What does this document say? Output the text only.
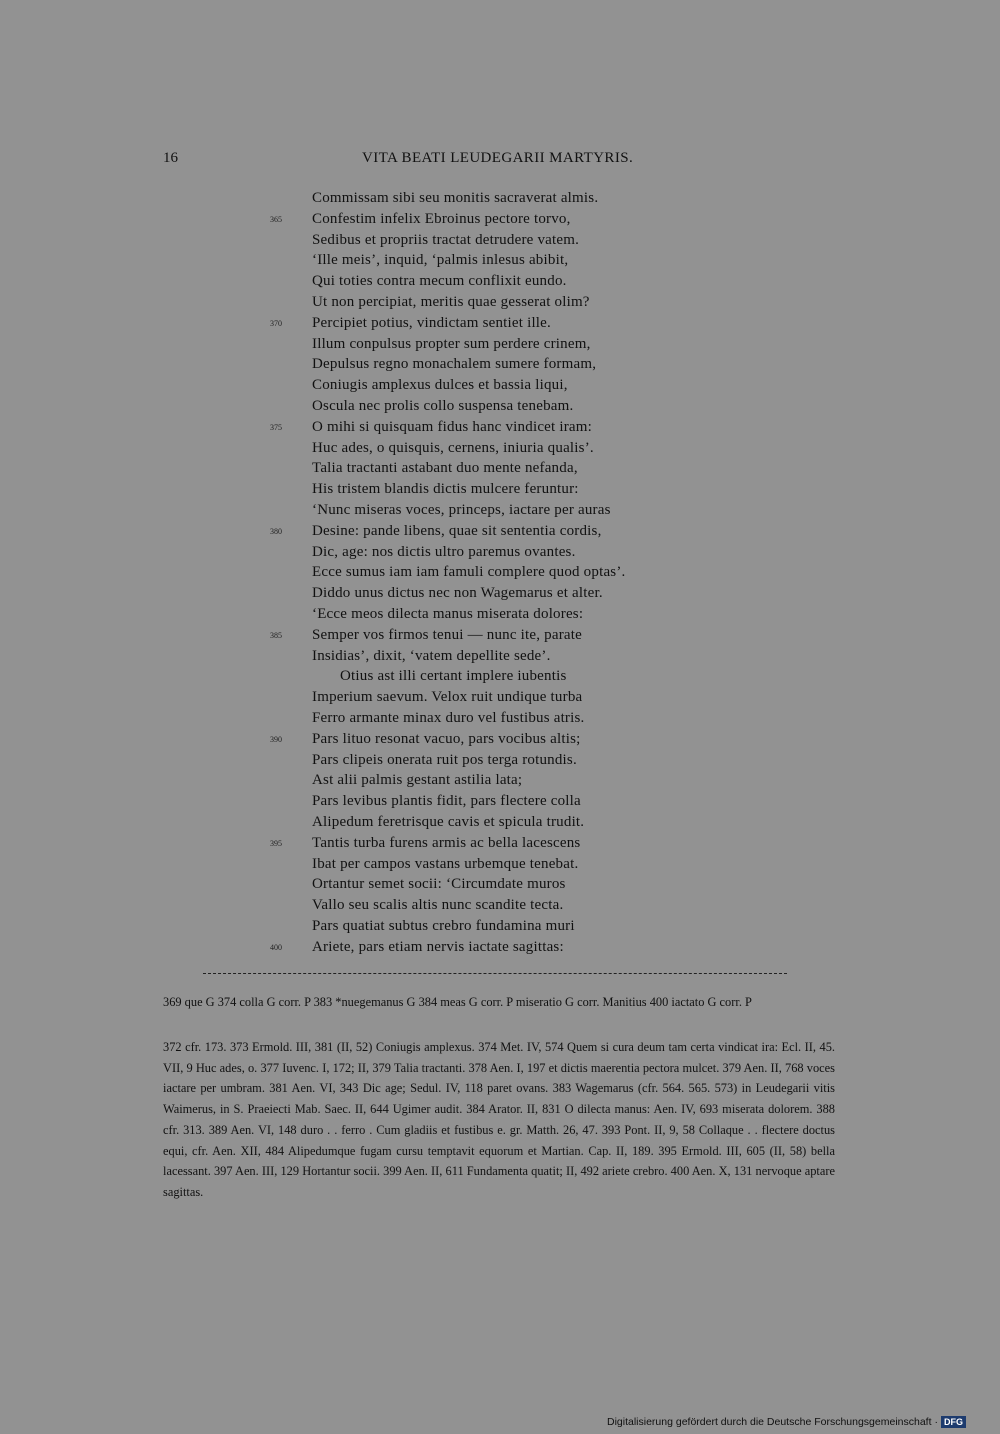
16	VITA BEATI LEUDEGARII MARTYRIS.
Commissam sibi seu monitis sacraverat almis.
365 Confestim infelix Ebroinus pectore torvo,
Sedibus et propriis tractat detrudere vatem.
‘Ille meis’, inquid, ‘palmis inlesus abibit,
Qui toties contra mecum conflixit eundo.
Ut non percipiat, meritis quae gesserat olim?
370 Percipiet potius, vindictam sentiet ille.
Illum conpulsus propter sum perdere crinem,
Depulsus regno monachalem sumere formam,
Coniugis amplexus dulces et bassia liqui,
Oscula nec prolis collo suspensa tenebam.
375 O mihi si quisquam fidus hanc vindicet iram:
Huc ades, o quisquis, cernens, iniuria qualis’.
Talia tractanti astabant duo mente nefanda,
His tristem blandis dictis mulcere feruntur:
‘Nunc miseras voces, princeps, iactare per auras
380 Desine: pande libens, quae sit sententia cordis,
Dic, age: nos dictis ultro paremus ovantes.
Ecce sumus iam iam famuli complere quod optas’.
Diddo unus dictus nec non Wagemarus et alter.
‘Ecce meos dilecta manus miserata dolores:
385 Semper vos firmos tenui — nunc ite, parate
Insidias’, dixit, ‘vatem depellite sede’.
Otius ast illi certant implere iubentis
Imperium saevum. Velox ruit undique turba
Ferro armante minax duro vel fustibus atris.
390 Pars lituo resonat vacuo, pars vocibus altis;
Pars clipeis onerata ruit pos terga rotundis.
Ast alii palmis gestant astilia lata;
Pars levibus plantis fidit, pars flectere colla
Alipedum feretrisque cavis et spicula trudit.
395 Tantis turba furens armis ac bella lacescens
Ibat per campos vastans urbemque tenebat.
Ortantur semet socii: ‘Circumdate muros
Vallo seu scalis altis nunc scandite tecta.
Pars quatiat subtus crebro fundamina muri
400 Ariete, pars etiam nervis iactate sagittas:
369 que G 374 colla G corr. P 383 *nuegemanus G 384 meas G corr. P miseratio G corr. Manitius 400 iactato G corr. P
372 cfr. 173. 373 Ermold. III, 381 (II, 52) Coniugis amplexus. 374 Met. IV, 574 Quem si cura deum tam certa vindicat ira: Ecl. II, 45. VII, 9 Huc ades, o. 377 Iuvenc. I, 172; II, 379 Talia tractanti. 378 Aen. I, 197 et dictis maerentia pectora mulcet. 379 Aen. II, 768 voces iactare per umbram. 381 Aen. VI, 343 Dic age; Sedul. IV, 118 paret ovans. 383 Wagemarus (cfr. 564. 565. 573) in Leudegarii vitis Waimerus, in S. Praeiecti Mab. Saec. II, 644 Ugimer audit. 384 Arator. II, 831 O dilecta manus: Aen. IV, 693 miserata dolorem. 388 cfr. 313. 389 Aen. VI, 148 duro . . ferro . Cum gladiis et fustibus e. gr. Matth. 26, 47. 393 Pont. II, 9, 58 Collaque . . flectere doctus equi, cfr. Aen. XII, 484 Alipedumque fugam cursu temptavit equorum et Martian. Cap. II, 189. 395 Ermold. III, 605 (II, 58) bella lacessant. 397 Aen. III, 129 Hortantur socii. 399 Aen. II, 611 Fundamenta quatit; II, 492 ariete crebro. 400 Aen. X, 131 nervoque aptare sagittas.
Digitalisierung gefördert durch die Deutsche Forschungsgemeinschaft · DFG
